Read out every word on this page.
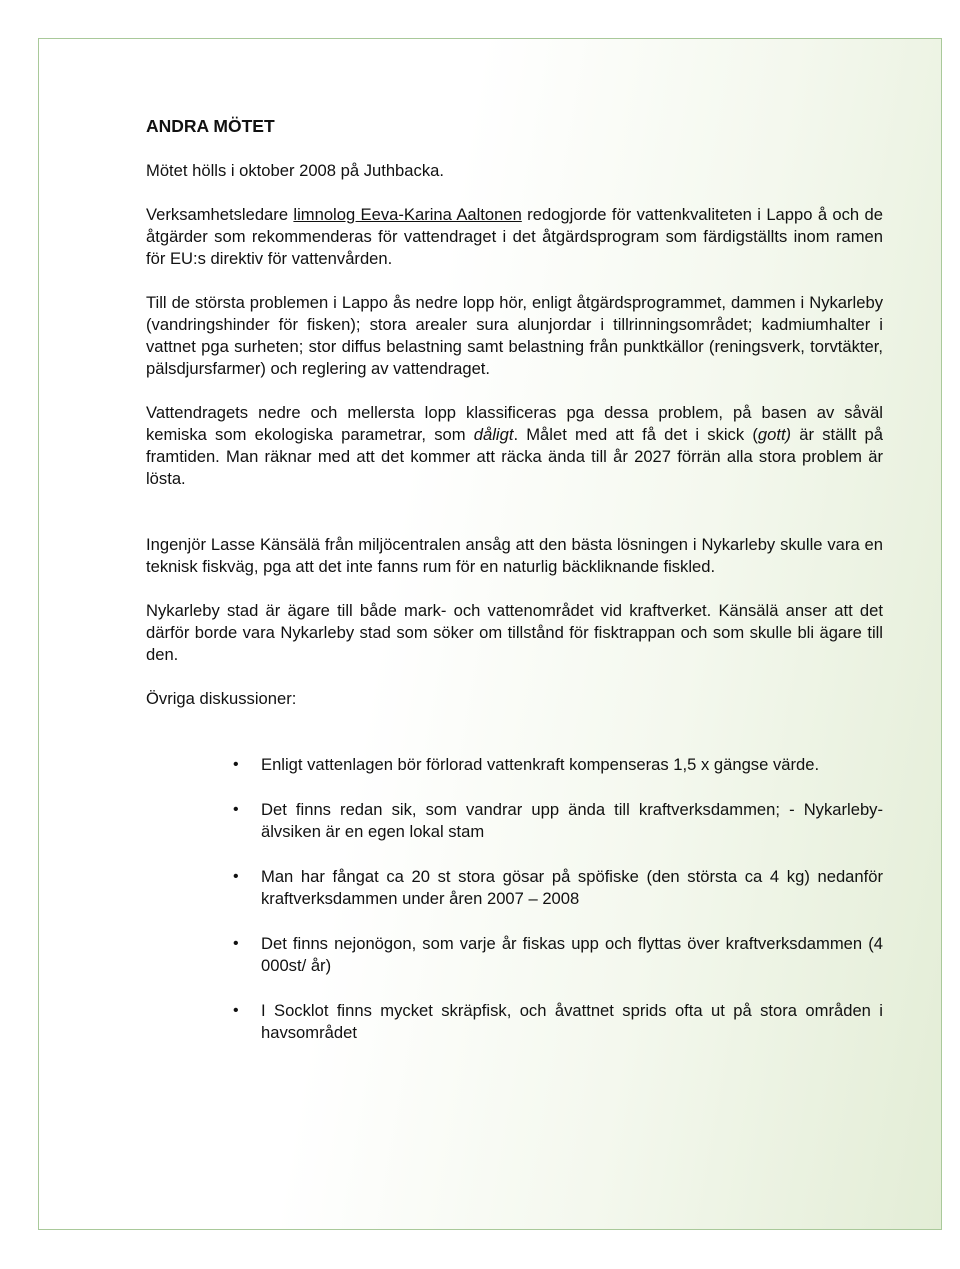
ANDRA MÖTET

Mötet hölls i oktober 2008 på Juthbacka.

Verksamhetsledare limnolog Eeva-Karina Aaltonen redogjorde för vattenkvaliteten i Lappo å och de åtgärder som rekommenderas för vattendraget i det åtgärdsprogram som färdigställts inom ramen för EU:s direktiv för vattenvården.

Till de största problemen i Lappo ås nedre lopp hör, enligt åtgärdsprogrammet, dammen i Nykarleby (vandringshinder för fisken); stora arealer sura alunjordar i tillrinningsområdet; kadmiumhalter i vattnet pga surheten; stor diffus belastning samt belastning från punktkällor (reningsverk, torvtäkter, pälsdjursfarmer) och reglering av vattendraget.

Vattendragets nedre och mellersta lopp klassificeras pga dessa problem, på basen av såväl kemiska som ekologiska parametrar, som dåligt. Målet med att få det i skick (gott) är ställt på framtiden. Man räknar med att det kommer att räcka ända till år 2027 förrän alla stora problem är lösta.

Ingenjör Lasse Känsälä från miljöcentralen ansåg att den bästa lösningen i Nykarleby skulle vara en teknisk fiskväg, pga att det inte fanns rum för en naturlig bäckliknande fiskled.

Nykarleby stad är ägare till både mark- och vattenområdet vid kraftverket. Känsälä anser att det därför borde vara Nykarleby stad som söker om tillstånd för fisktrappan och som skulle bli ägare till den.

Övriga diskussioner:

• Enligt vattenlagen bör förlorad vattenkraft kompenseras 1,5 x gängse värde.
• Det finns redan sik, som vandrar upp ända till kraftverksdammen; - Nykarleby- älvsiken är en egen lokal stam
• Man har fångat ca 20 st stora gösar på spöfiske (den största ca 4 kg) nedanför kraftverksdammen under åren 2007 – 2008
• Det finns nejonögon, som varje år fiskas upp och flyttas över kraftverksdammen (4 000st/ år)
• I Socklot finns mycket skräpfisk, och åvattnet sprids ofta ut på stora områden i havsområdet
